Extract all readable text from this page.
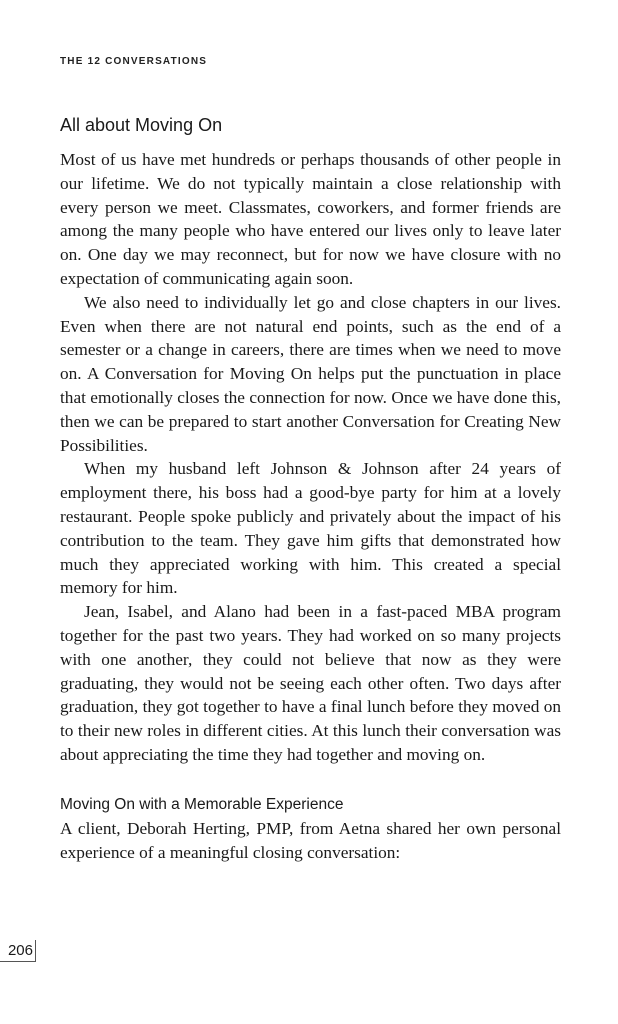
THE 12 CONVERSATIONS
All about Moving On

Most of us have met hundreds or perhaps thousands of other people in our lifetime. We do not typically maintain a close relationship with every person we meet. Classmates, coworkers, and former friends are among the many people who have entered our lives only to leave later on. One day we may reconnect, but for now we have closure with no expectation of communicating again soon.

We also need to individually let go and close chapters in our lives. Even when there are not natural end points, such as the end of a semester or a change in careers, there are times when we need to move on. A Conversation for Moving On helps put the punctuation in place that emotionally closes the connection for now. Once we have done this, then we can be prepared to start another Conversation for Creating New Possibilities.

When my husband left Johnson & Johnson after 24 years of employment there, his boss had a good-bye party for him at a lovely restaurant. People spoke publicly and privately about the impact of his contribution to the team. They gave him gifts that demonstrated how much they appreciated working with him. This created a special memory for him.

Jean, Isabel, and Alano had been in a fast-paced MBA program together for the past two years. They had worked on so many projects with one another, they could not believe that now as they were graduating, they would not be seeing each other often. Two days after graduation, they got together to have a final lunch before they moved on to their new roles in different cities. At this lunch their conversation was about appreciating the time they had together and moving on.

Moving On with a Memorable Experience

A client, Deborah Herting, PMP, from Aetna shared her own personal experience of a meaningful closing conversation:

206
